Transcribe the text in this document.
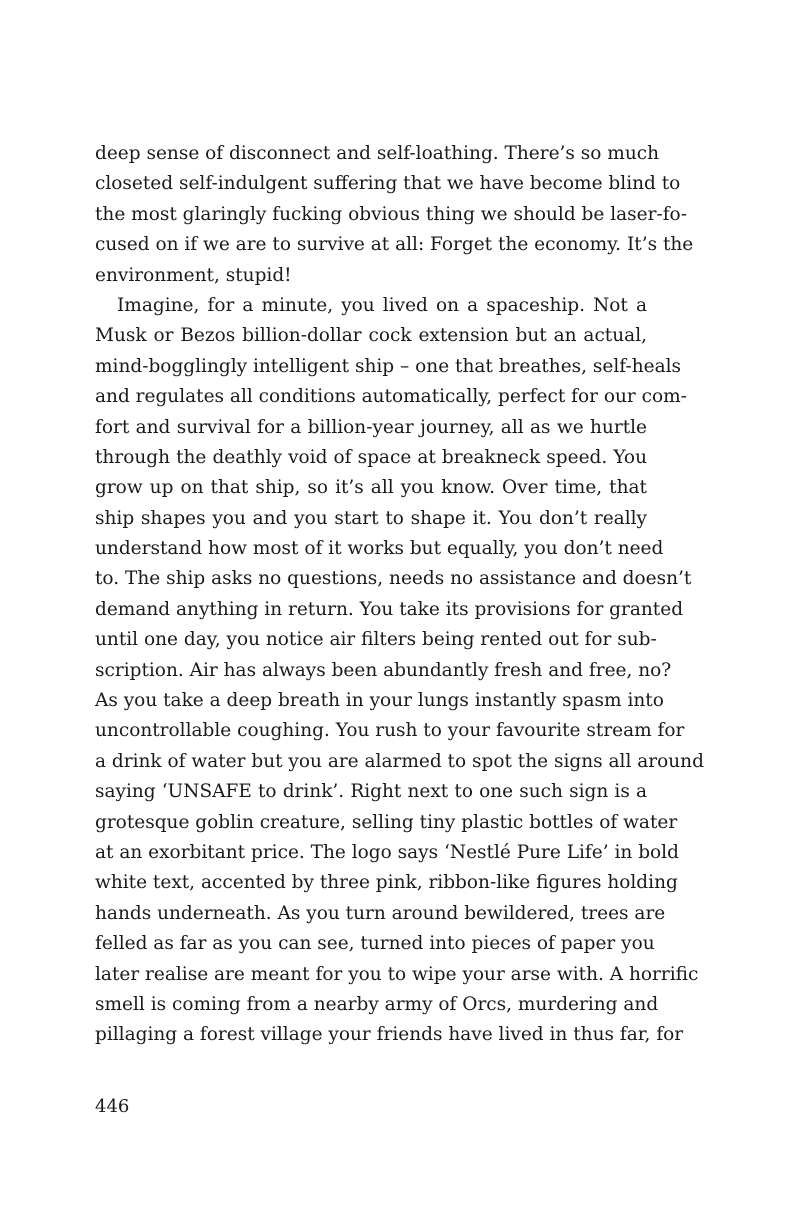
deep sense of disconnect and self-loathing. There’s so much
closeted self-indulgent suffering that we have become blind to
the most glaringly fucking obvious thing we should be laser-fo-
cused on if we are to survive at all: Forget the economy. It’s the
environment, stupid!
Imagine, for a minute, you lived on a spaceship. Not a
Musk or Bezos billion-dollar cock extension but an actual,
mind-bogglingly intelligent ship – one that breathes, self-heals
and regulates all conditions automatically, perfect for our com-
fort and survival for a billion-year journey, all as we hurtle
through the deathly void of space at breakneck speed. You
grow up on that ship, so it’s all you know. Over time, that
ship shapes you and you start to shape it. You don’t really
understand how most of it works but equally, you don’t need
to. The ship asks no questions, needs no assistance and doesn’t
demand anything in return. You take its provisions for granted
until one day, you notice air filters being rented out for sub-
scription. Air has always been abundantly fresh and free, no?
As you take a deep breath in your lungs instantly spasm into
uncontrollable coughing. You rush to your favourite stream for
a drink of water but you are alarmed to spot the signs all around
saying ‘UNSAFE to drink’. Right next to one such sign is a
grotesque goblin creature, selling tiny plastic bottles of water
at an exorbitant price. The logo says ‘Nestlé Pure Life’ in bold
white text, accented by three pink, ribbon-like figures holding
hands underneath. As you turn around bewildered, trees are
felled as far as you can see, turned into pieces of paper you
later realise are meant for you to wipe your arse with. A horrific
smell is coming from a nearby army of Orcs, murdering and
pillaging a forest village your friends have lived in thus far, for
446
